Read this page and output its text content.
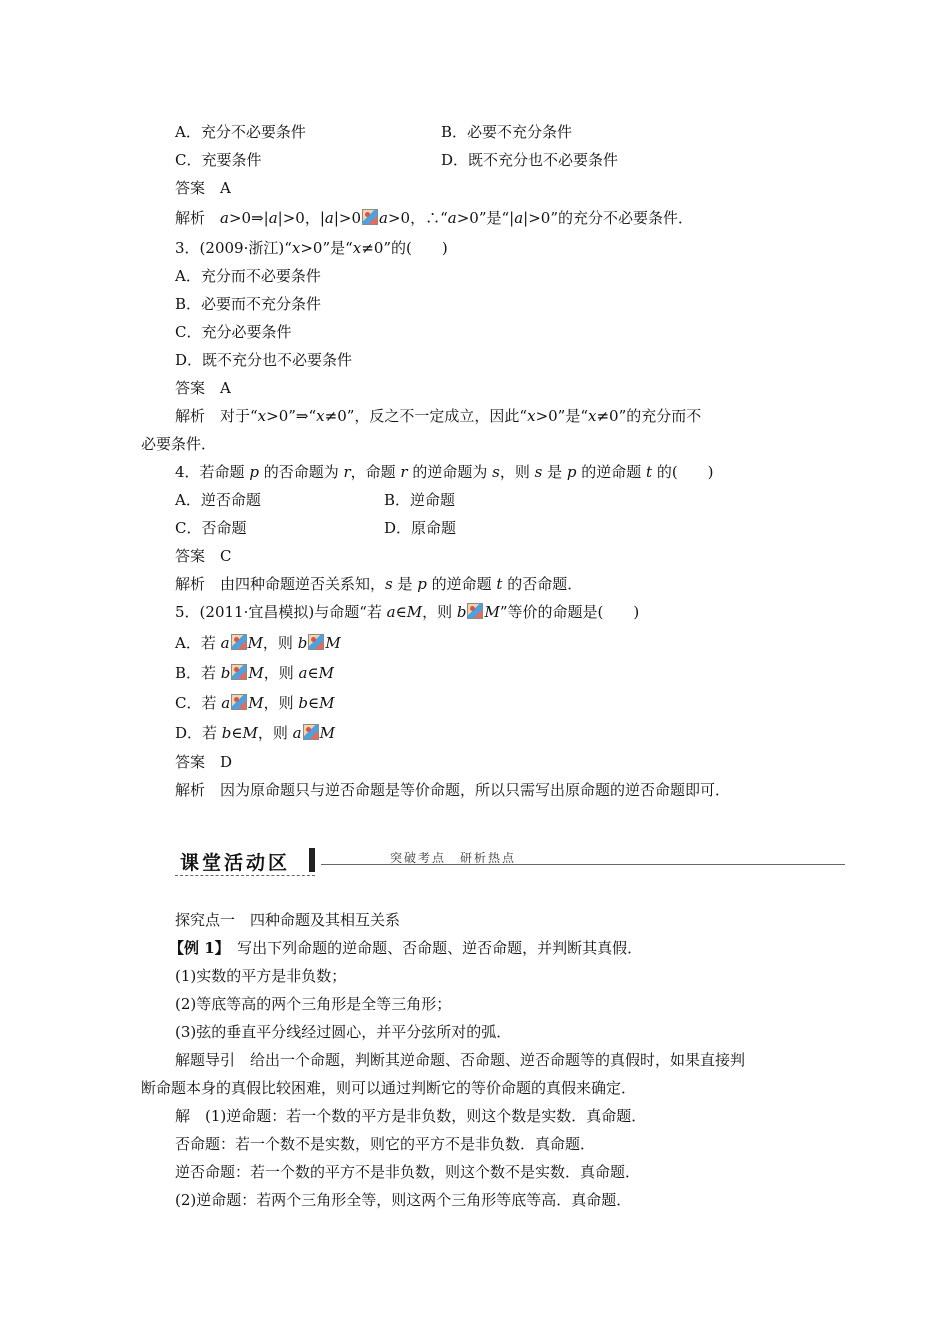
A．充分不必要条件	B．必要不充分条件
C．充要条件	D．既不充分也不必要条件
答案　A
解析　a>0⇒|a|>0，|a|>0 a>0，∴“a>0”是“|a|>0”的充分不必要条件．
3．(2009·浙江)“x>0”是“x≠0”的(　　)
A．充分而不必要条件
B．必要而不充分条件
C．充分必要条件
D．既不充分也不必要条件
答案　A
解析　对于“x>0”⇒“x≠0”，反之不一定成立，因此“x>0”是“x≠0”的充分而不
必要条件．
4．若命题 p 的否命题为 r，命题 r 的逆命题为 s，则 s 是 p 的逆命题 t 的(　　)
A．逆否命题	B．逆命题
C．否命题	D．原命题
答案　C
解析　由四种命题逆否关系知，s 是 p 的逆命题 t 的否命题．
5．(2011·宜昌模拟)与命题“若 a∈M，则 b M”等价的命题是(　　)
A．若 a M，则 b M
B．若 b M，则 a∈M
C．若 a M，则 b∈M
D．若 b∈M，则 a M
答案　D
解析　因为原命题只与逆否命题是等价命题，所以只需写出原命题的逆否命题即可．
课堂活动区	突破考点　研析热点
探究点一　四种命题及其相互关系
【例 1】　写出下列命题的逆命题、否命题、逆否命题，并判断其真假．
(1)实数的平方是非负数；
(2)等底等高的两个三角形是全等三角形；
(3)弦的垂直平分线经过圆心，并平分弦所对的弧．
解题导引　给出一个命题，判断其逆命题、否命题、逆否命题等的真假时，如果直接判
断命题本身的真假比较困难，则可以通过判断它的等价命题的真假来确定．
解　(1)逆命题：若一个数的平方是非负数，则这个数是实数．真命题．
否命题：若一个数不是实数，则它的平方不是非负数．真命题．
逆否命题：若一个数的平方不是非负数，则这个数不是实数．真命题．
(2)逆命题：若两个三角形全等，则这两个三角形等底等高．真命题．
